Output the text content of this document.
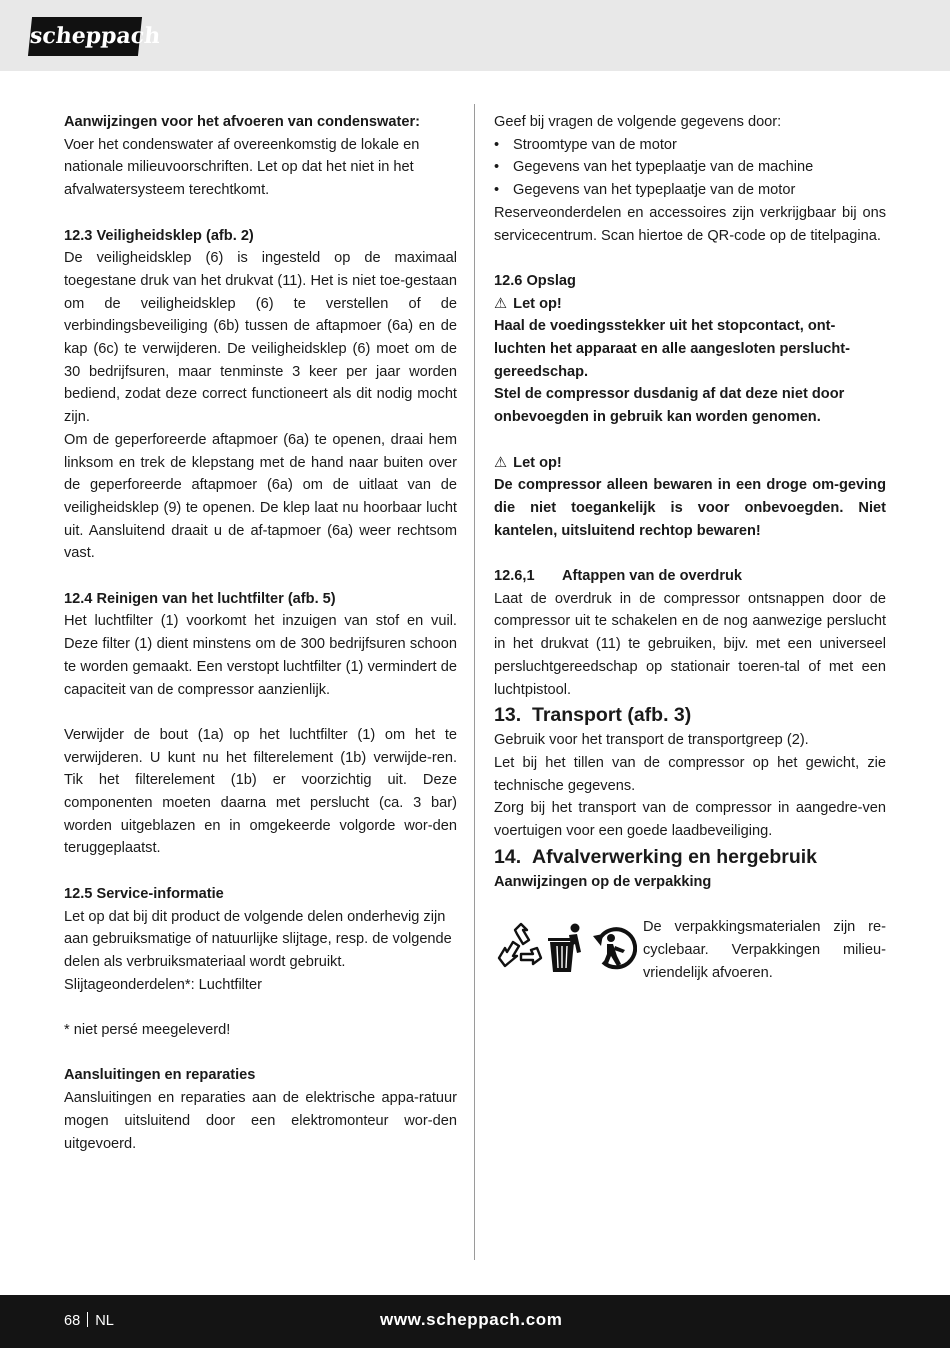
scheppach

Aanwijzingen voor het afvoeren van condenswater:

Voer het condenswater af overeenkomstig de lokale en nationale milieuvoorschriften. Let op dat het niet in het afvalwatersysteem terechtkomt.

12.3 Veiligheidsklep (afb. 2)

De veiligheidsklep (6) is ingesteld op de maximaal toegestane druk van het drukvat (11). Het is niet toe-gestaan om de veiligheidsklep (6) te verstellen of de verbindingsbeveiliging (6b) tussen de aftapmoer (6a) en de kap (6c) te verwijderen. De veiligheidsklep (6) moet om de 30 bedrijfsuren, maar tenminste 3 keer per jaar worden bediend, zodat deze correct functioneert als dit nodig mocht zijn.

Om de geperforeerde aftapmoer (6a) te openen, draai hem linksom en trek de klepstang met de hand naar buiten over de geperforeerde aftapmoer (6a) om de uitlaat van de veiligheidsklep (9) te openen. De klep laat nu hoorbaar lucht uit. Aansluitend draait u de af-tapmoer (6a) weer rechtsom vast.

12.4 Reinigen van het luchtfilter (afb. 5)

Het luchtfilter (1) voorkomt het inzuigen van stof en vuil. Deze filter (1) dient minstens om de 300 bedrijfsuren schoon te worden gemaakt. Een verstopt luchtfilter (1) vermindert de capaciteit van de compressor aanzienlijk.

Verwijder de bout (1a) op het luchtfilter (1) om het te verwijderen. U kunt nu het filterelement (1b) verwijde-ren. Tik het filterelement (1b) er voorzichtig uit. Deze componenten moeten daarna met perslucht (ca. 3 bar) worden uitgeblazen en in omgekeerde volgorde wor-den teruggeplaatst.

12.5 Service-informatie

Let op dat bij dit product de volgende delen onderhevig zijn aan gebruiksmatige of natuurlijke slijtage, resp. de volgende delen als verbruiksmateriaal wordt gebruikt.

Slijtageonderdelen*: Luchtfilter

* niet persé meegeleverd!

Aansluitingen en reparaties

Aansluitingen en reparaties aan de elektrische appa-ratuur mogen uitsluitend door een elektromonteur wor-den uitgevoerd.

Geef bij vragen de volgende gegevens door:

• Stroomtype van de motor

• Gegevens van het typeplaatje van de machine

• Gegevens van het typeplaatje van de motor

Reserveonderdelen en accessoires zijn verkrijgbaar bij ons servicecentrum. Scan hiertoe de QR-code op de titelpagina.

12.6 Opslag

⚠ Let op!

Haal de voedingsstekker uit het stopcontact, ont-luchten het apparaat en alle aangesloten perslucht-gereedschap.

Stel de compressor dusdanig af dat deze niet door onbevoegden in gebruik kan worden genomen.

⚠ Let op!

De compressor alleen bewaren in een droge om-geving die niet toegankelijk is voor onbevoegden. Niet kantelen, uitsluitend rechtop bewaren!

12.6,1 Aftappen van de overdruk

Laat de overdruk in de compressor ontsnappen door de compressor uit te schakelen en de nog aanwezige perslucht in het drukvat (11) te gebruiken, bijv. met een universeel persluchtgereedschap op stationair toeren-tal of met een luchtpistool.

13. Transport (afb. 3)

Gebruik voor het transport de transportgreep (2).

Let bij het tillen van de compressor op het gewicht, zie technische gegevens.

Zorg bij het transport van de compressor in aangedre-ven voertuigen voor een goede laadbeveiliging.

14. Afvalverwerking en hergebruik

Aanwijzingen op de verpakking

De verpakkingsmaterialen zijn re-cyclebaar. Verpakkingen milieu-vriendelijk afvoeren.

68 NL	www.scheppach.com
